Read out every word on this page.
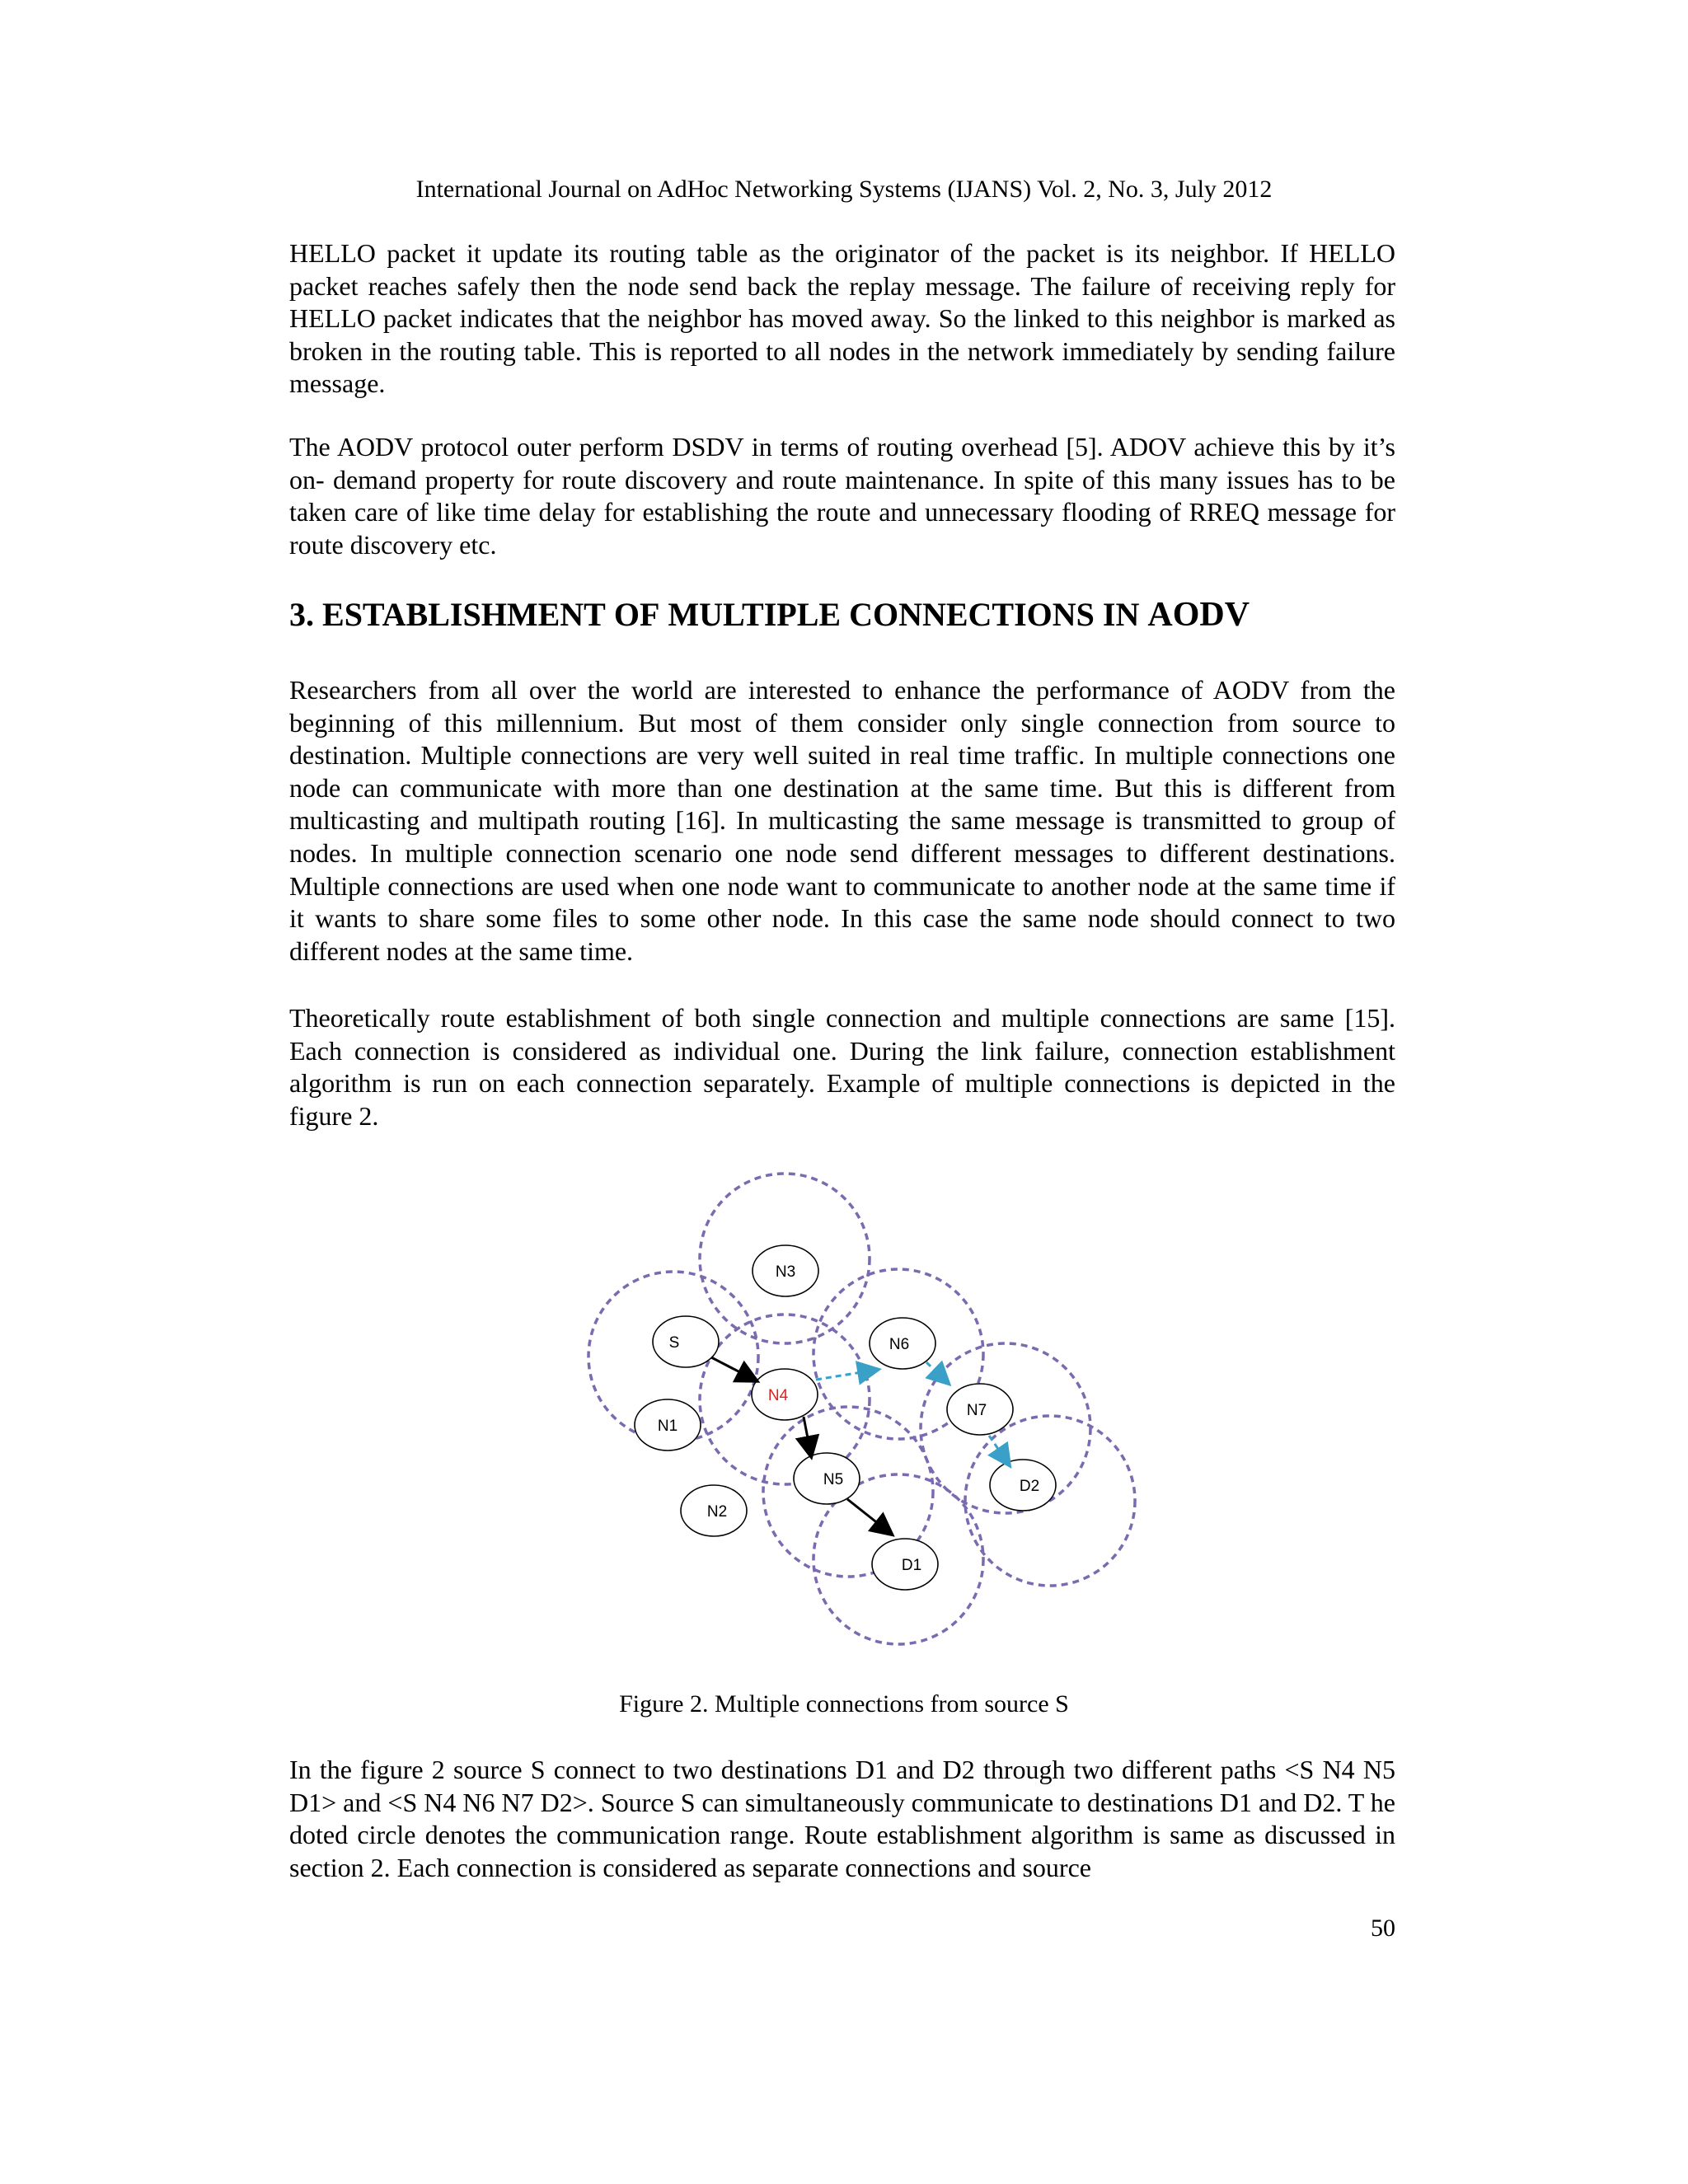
International Journal on AdHoc Networking Systems (IJANS) Vol. 2, No. 3, July 2012

HELLO packet it update its routing table as the originator of the packet is its neighbor. If HELLO packet reaches safely then the node send back the replay message. The failure of receiving reply for HELLO packet indicates that the neighbor has moved away. So the linked to this neighbor is marked as broken in the routing table. This is reported to all nodes in the network immediately by sending failure message.

The AODV protocol outer perform DSDV in terms of routing overhead [5]. ADOV achieve this by it’s on- demand property for route discovery and route maintenance. In spite of this many issues has to be taken care of like time delay for establishing the route and unnecessary flooding of RREQ message for route discovery etc.

3. ESTABLISHMENT OF MULTIPLE CONNECTIONS IN AODV

Researchers from all over the world are interested to enhance the performance of AODV from the beginning of this millennium. But most of them consider only single connection from source to destination. Multiple connections are very well suited in real time traffic. In multiple connections one node can communicate with more than one destination at the same time. But this is different from multicasting and multipath routing [16]. In multicasting the same message is transmitted to group of nodes. In multiple connection scenario one node send different messages to different destinations. Multiple connections are used when one node want to communicate to another node at the same time if it wants to share some files to some other node. In this case the same node should connect to two different nodes at the same time.

Theoretically route establishment of both single connection and multiple connections are same [15]. Each connection is considered as individual one. During the link failure, connection establishment algorithm is run on each connection separately. Example of multiple connections is depicted in the figure 2.

N3
S	N6
N4
N7
N1
N5	D2
N2
D1
Figure 2. Multiple connections from source S

In the figure 2 source S connect to two destinations D1 and D2 through two different paths <S N4 N5 D1> and <S N4 N6 N7 D2>. Source S can simultaneously communicate to destinations D1 and D2. T he doted circle denotes the communication range. Route establishment algorithm is same as discussed in section 2. Each connection is considered as separate connections and source

50
